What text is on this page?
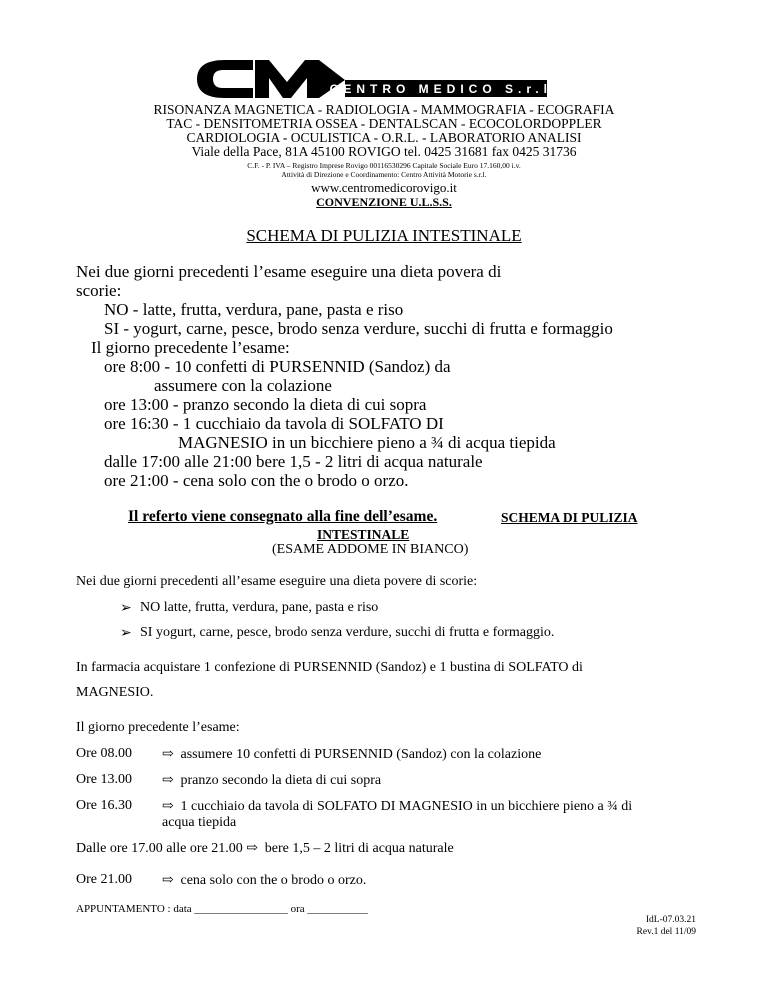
CENTRO MEDICO S.r.l.
RISONANZA MAGNETICA - RADIOLOGIA - MAMMOGRAFIA - ECOGRAFIA
TAC - DENSITOMETRIA OSSEA - DENTALSCAN - ECOCOLORDOPPLER
CARDIOLOGIA - OCULISTICA - O.R.L. - LABORATORIO ANALISI
Viale della Pace, 81A 45100 ROVIGO tel. 0425 31681 fax 0425 31736
C.F. - P. IVA – Registro Imprese Rovigo 00116530296 Capitale Sociale Euro 17.160,00 i.v.
Attività di Direzione e Coordinamento: Centro Attività Motorie s.r.l.
www.centromedicorovigo.it
CONVENZIONE U.L.S.S.
SCHEMA DI PULIZIA INTESTINALE
Nei due giorni precedenti l’esame eseguire una dieta povera di
scorie:
NO - latte, frutta, verdura, pane, pasta e riso
SI - yogurt, carne, pesce, brodo senza verdure, succhi di frutta e formaggio
Il giorno precedente l’esame:
ore 8:00 - 10 confetti di PURSENNID (Sandoz) da
assumere con la colazione
ore 13:00 - pranzo secondo la dieta di cui sopra
ore 16:30 - 1 cucchiaio da tavola di SOLFATO DI
MAGNESIO in un bicchiere pieno a ¾ di acqua tiepida
dalle 17:00 alle 21:00 bere 1,5 - 2 litri di acqua naturale
ore 21:00 - cena solo con the o brodo o orzo.
Il referto viene consegnato alla fine dell’esame.	SCHEMA DI PULIZIA
INTESTINALE
(ESAME ADDOME IN BIANCO)
Nei due giorni precedenti all’esame eseguire una dieta povere di scorie:
➢ NO latte, frutta, verdura, pane, pasta e riso
➢ SI yogurt, carne, pesce, brodo senza verdure, succhi di frutta e formaggio.
In farmacia acquistare 1 confezione di PURSENNID (Sandoz) e 1 bustina di SOLFATO di
MAGNESIO.
Il giorno precedente l’esame:
Ore 08.00 ⇨ assumere 10 confetti di PURSENNID (Sandoz) con la colazione
Ore 13.00 ⇨ pranzo secondo la dieta di cui sopra
Ore 16.30 ⇨ 1 cucchiaio da tavola di SOLFATO DI MAGNESIO in un bicchiere pieno a ¾ di
acqua tiepida
Dalle ore 17.00 alle ore 21.00 ⇨ bere 1,5 – 2 litri di acqua naturale
Ore 21.00 ⇨ cena solo con the o brodo o orzo.
APPUNTAMENTO : data _________________ ora ___________
IdL-07.03.21
Rev.1 del 11/09
